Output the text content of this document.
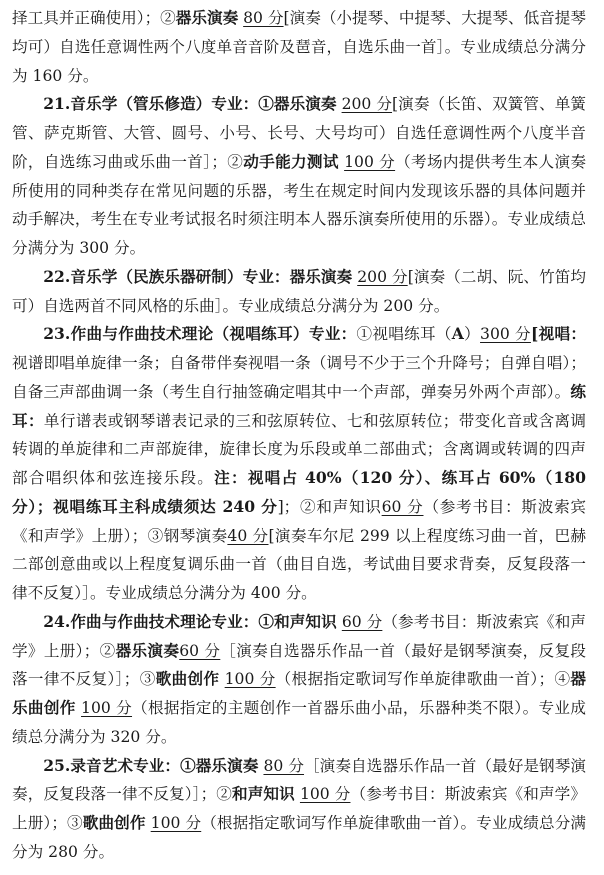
择工具并正确使用）；②器乐演奏 80 分[演奏（小提琴、中提琴、大提琴、低音提琴均可）自选任意调性两个八度单音音阶及琶音，自选乐曲一首］。专业成绩总分满分为 160 分。

21.音乐学（管乐修造）专业：①器乐演奏 200 分[演奏（长笛、双簧管、单簧管、萨克斯管、大管、圆号、小号、长号、大号均可）自选任意调性两个八度半音阶，自选练习曲或乐曲一首］；②动手能力测试 100 分（考场内提供考生本人演奏所使用的同种类存在常见问题的乐器，考生在规定时间内发现该乐器的具体问题并动手解决，考生在专业考试报名时须注明本人器乐演奏所使用的乐器）。专业成绩总分满分为 300 分。

22.音乐学（民族乐器研制）专业：器乐演奏 200 分[演奏（二胡、阮、竹笛均可）自选两首不同风格的乐曲］。专业成绩总分满分为 200 分。

23.作曲与作曲技术理论（视唱练耳）专业：①视唱练耳（A）300 分[视唱：视谱即唱单旋律一条；自备带伴奏视唱一条（调号不少于三个升降号；自弹自唱）；自备三声部曲调一条（考生自行抽签确定唱其中一个声部，弹奏另外两个声部）。练耳：单行谱表或钢琴谱表记录的三和弦原转位、七和弦原转位；带变化音或含离调转调的单旋律和二声部旋律，旋律长度为乐段或单二部曲式；含离调或转调的四声部合唱织体和弦连接乐段。注：视唱占 40%（120 分）、练耳占 60%（180 分）；视唱练耳主科成绩须达 240 分]；②和声知识60 分（参考书目：斯波索宾《和声学》上册）；③钢琴演奏40 分[演奏车尔尼 299 以上程度练习曲一首，巴赫二部创意曲或以上程度复调乐曲一首（曲目自选，考试曲目要求背奏，反复段落一律不反复）］。专业成绩总分满分为 400 分。

24.作曲与作曲技术理论专业：①和声知识 60 分（参考书目：斯波索宾《和声学》上册）；②器乐演奏60 分［演奏自选器乐作品一首（最好是钢琴演奏，反复段落一律不反复）］；③歌曲创作 100 分（根据指定歌词写作单旋律歌曲一首）；④器乐曲创作 100 分（根据指定的主题创作一首器乐曲小品，乐器种类不限）。专业成绩总分满分为 320 分。

25.录音艺术专业：①器乐演奏 80 分［演奏自选器乐作品一首（最好是钢琴演奏，反复段落一律不反复）］；②和声知识 100 分（参考书目：斯波索宾《和声学》上册）；③歌曲创作 100 分（根据指定歌词写作单旋律歌曲一首）。专业成绩总分满分为 280 分。
